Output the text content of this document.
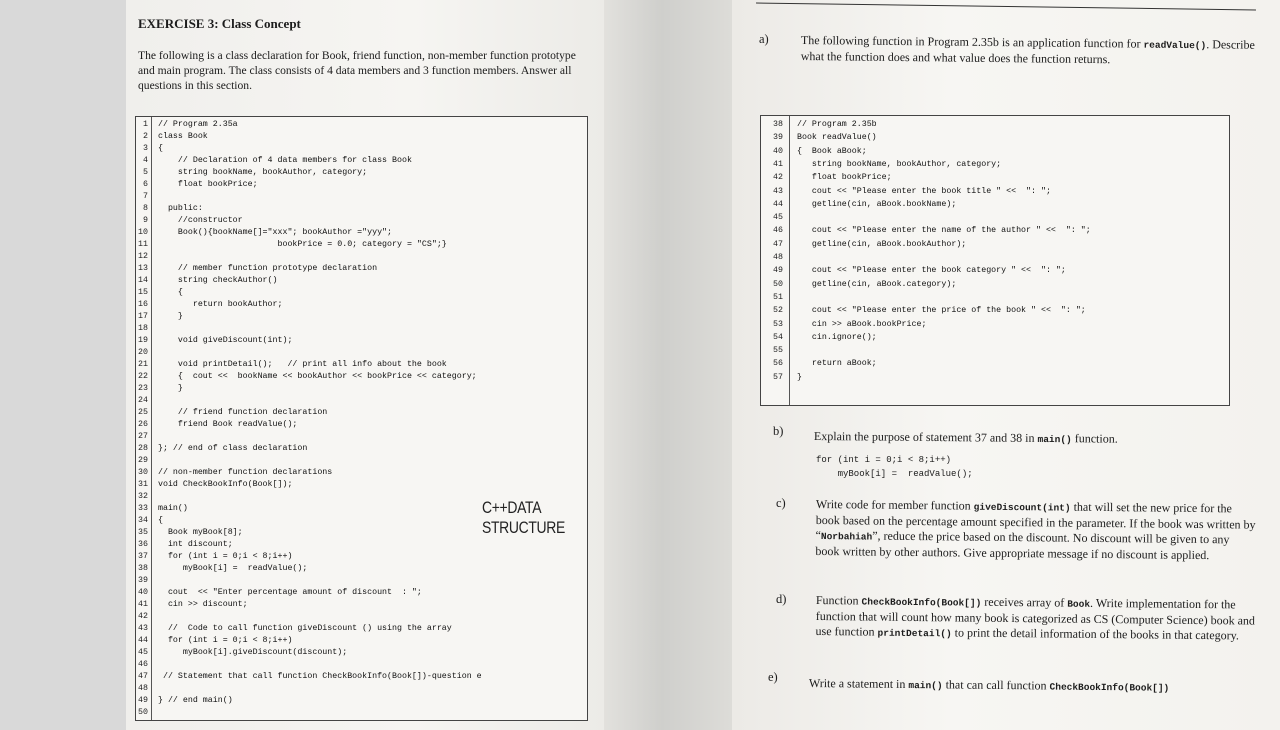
EXERCISE 3: Class Concept
The following is a class declaration for Book, friend function, non-member function prototype and main program. The class consists of 4 data members and 3 function members. Answer all questions in this section.
1 // Program 2.35a
2 class Book
3 {
4 // Declaration of 4 data members for class Book
5 string bookName, bookAuthor, category;
6 float bookPrice;
7
8 public:
9 //constructor
10 Book(){bookName[]="xxx"; bookAuthor ="yyy";
11 bookPrice = 0.0; category = "CS";}
12
13 // member function prototype declaration
14 string checkAuthor()
15 {
16 return bookAuthor;
17 }
18
19 void giveDiscount(int);
20
21 void printDetail();   // print all info about the book
22 {  cout <<  bookName << bookAuthor << bookPrice << category;
23 }
24
25 // friend function declaration
26 friend Book readValue();
27
28 }; // end of class declaration
29
30 // non-member function declarations
31 void CheckBookInfo(Book[]);
32
33 main()
34 {
35 Book myBook[8];
36 int discount;
37 for (int i = 0;i < 8;i++)
38 myBook[i] =  readValue();
39
40 cout  << "Enter percentage amount of discount  : ";
41 cin >> discount;
42
43 //  Code to call function giveDiscount () using the array
44 for (int i = 0;i < 8;i++)
45 myBook[i].giveDiscount(discount);
46
47 // Statement that call function CheckBookInfo(Book[])-question e
48
49 } // end main()
50
C++DATA STRUCTURE
a)	The following function in Program 2.35b is an application function for readValue(). Describe what the function does and what value does the function returns.
38 // Program 2.35b
39 Book readValue()
40 {  Book aBook;
41 string bookName, bookAuthor, category;
42 float bookPrice;
43 cout << "Please enter the book title " <<  ": ";
44 getline(cin, aBook.bookName);
45
46 cout << "Please enter the name of the author " <<  ": ";
47 getline(cin, aBook.bookAuthor);
48
49 cout << "Please enter the book category " <<  ": ";
50 getline(cin, aBook.category);
51
52 cout << "Please enter the price of the book " <<  ": ";
53 cin >> aBook.bookPrice;
54 cin.ignore();
55
56 return aBook;
57 }
b)	Explain the purpose of statement 37 and 38 in main() function.
for (int i = 0;i < 8;i++)
myBook[i] =  readValue();
c)	Write code for member function giveDiscount(int) that will set the new price for the book based on the percentage amount specified in the parameter. If the book was written by “Norbahiah”, reduce the price based on the discount. No discount will be given to any book written by other authors. Give appropriate message if no discount is applied.
d) Function CheckBookInfo(Book[]) receives array of Book. Write implementation for the function that will count how many book is categorized as CS (Computer Science) book and use function printDetail() to print the detail information of the books in that category.
e)	Write a statement in main() that can call function CheckBookInfo(Book[])
